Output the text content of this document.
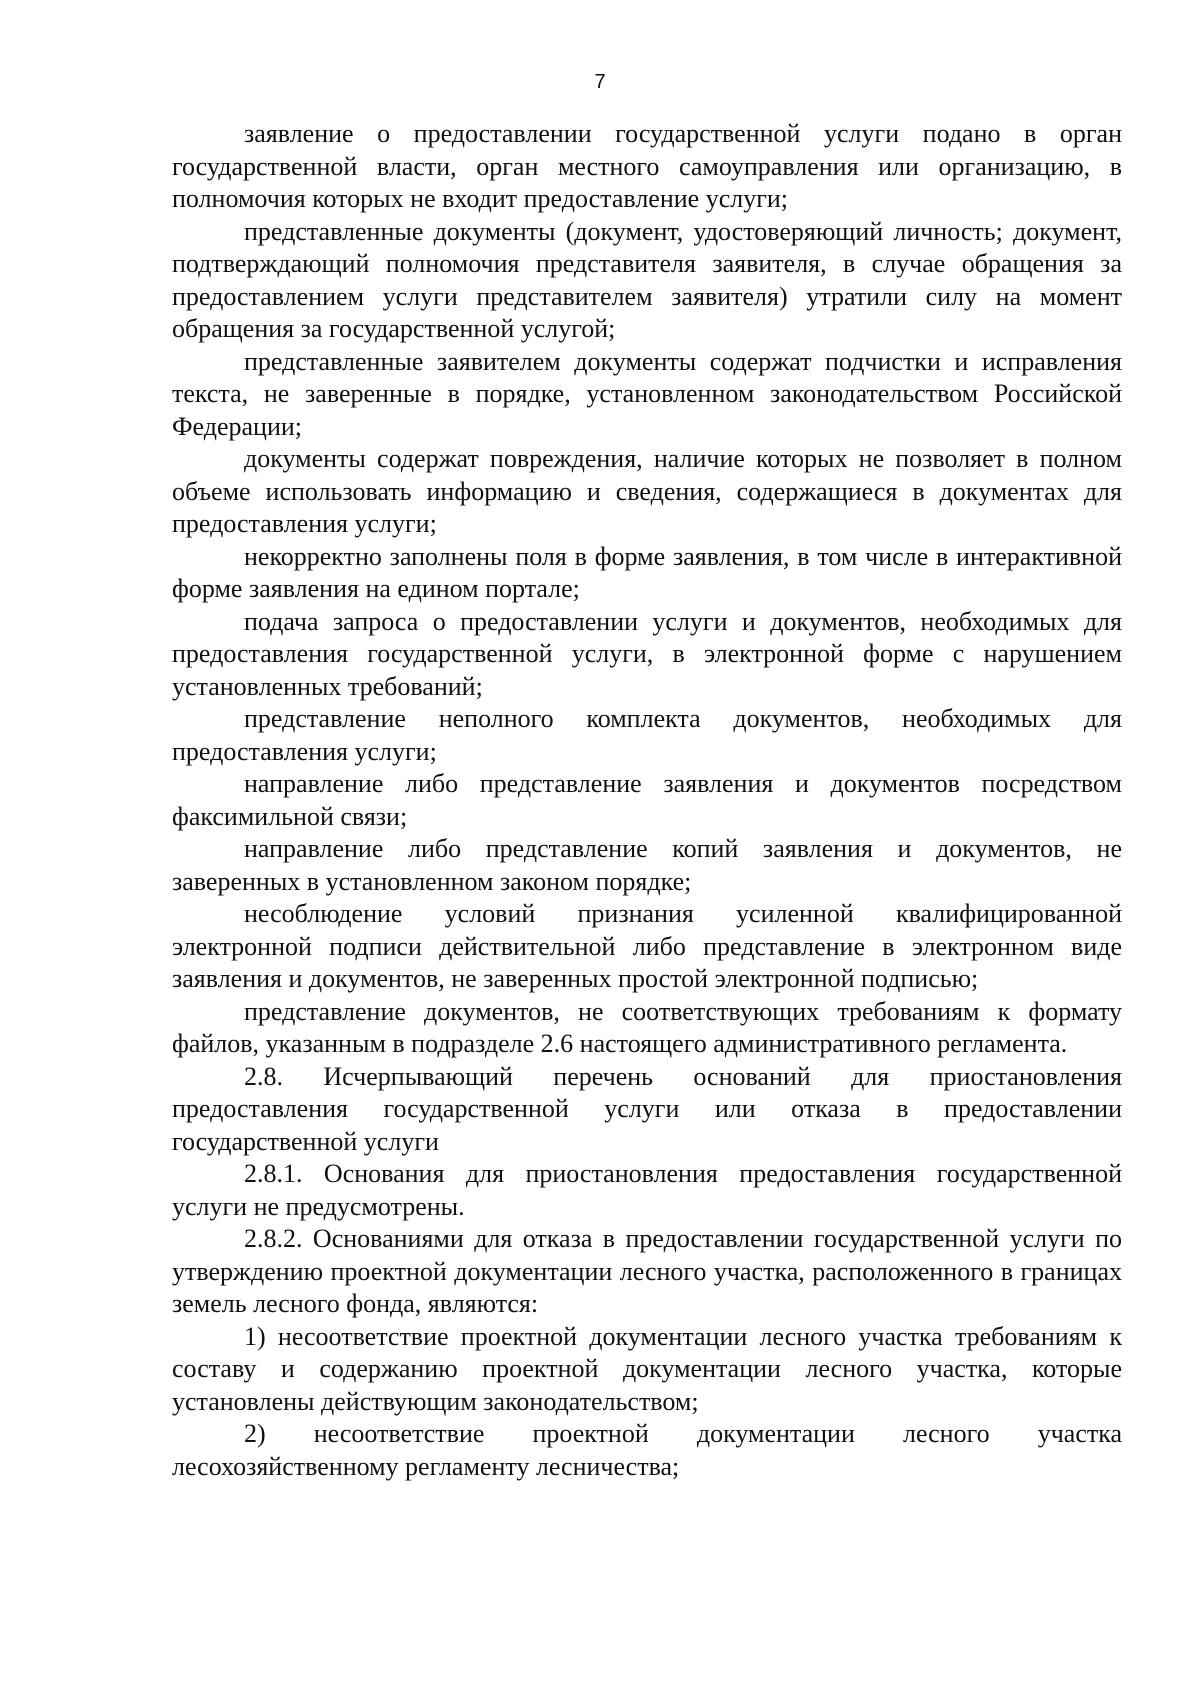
7

заявление о предоставлении государственной услуги подано в орган государственной власти, орган местного самоуправления или организацию, в полномочия которых не входит предоставление услуги;

представленные документы (документ, удостоверяющий личность; документ, подтверждающий полномочия представителя заявителя, в случае обращения за предоставлением услуги представителем заявителя) утратили силу на момент обращения за государственной услугой;

представленные заявителем документы содержат подчистки и исправления текста, не заверенные в порядке, установленном законодательством Российской Федерации;

документы содержат повреждения, наличие которых не позволяет в полном объеме использовать информацию и сведения, содержащиеся в документах для предоставления услуги;

некорректно заполнены поля в форме заявления, в том числе в интерактивной форме заявления на едином портале;

подача запроса о предоставлении услуги и документов, необходимых для предоставления государственной услуги, в электронной форме с нарушением установленных требований;

представление неполного комплекта документов, необходимых для предоставления услуги;

направление либо представление заявления и документов посредством факсимильной связи;

направление либо представление копий заявления и документов, не заверенных в установленном законом порядке;

несоблюдение условий признания усиленной квалифицированной электронной подписи действительной либо представление в электронном виде заявления и документов, не заверенных простой электронной подписью;

представление документов, не соответствующих требованиям к формату файлов, указанным в подразделе 2.6 настоящего административного регламента.

2.8. Исчерпывающий перечень оснований для приостановления предоставления государственной услуги или отказа в предоставлении государственной услуги

2.8.1. Основания для приостановления предоставления государственной услуги не предусмотрены.

2.8.2. Основаниями для отказа в предоставлении государственной услуги по утверждению проектной документации лесного участка, расположенного в границах земель лесного фонда, являются:

1) несоответствие проектной документации лесного участка требованиям к составу и содержанию проектной документации лесного участка, которые установлены действующим законодательством;

2) несоответствие проектной документации лесного участка лесохозяйственному регламенту лесничества;
